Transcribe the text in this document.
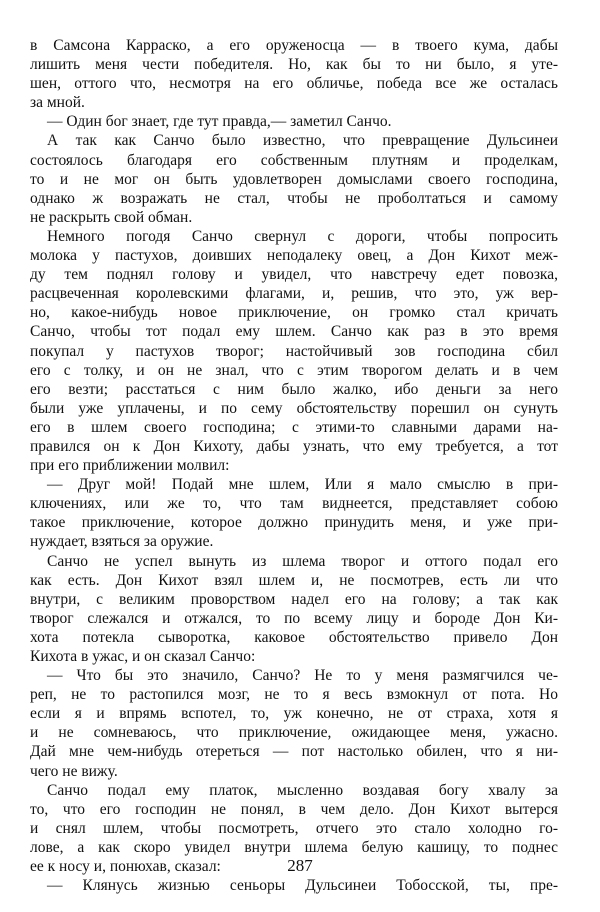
в Самсона Карраско, а его оруженосца — в твоего кума, дабы
лишить меня чести победителя. Но, как бы то ни было, я уте-
шен, оттого что, несмотря на его обличье, победа все же осталась
за мной.
— Один бог знает, где тут правда,— заметил Санчо.
А так как Санчо было известно, что превращение Дульсинеи
состоялось благодаря его собственным плутням и проделкам,
то и не мог он быть удовлетворен домыслами своего господина,
однако ж возражать не стал, чтобы не проболтаться и самому
не раскрыть свой обман.
Немного погодя Санчо свернул с дороги, чтобы попросить
молока у пастухов, доивших неподалеку овец, а Дон Кихот меж-
ду тем поднял голову и увидел, что навстречу едет повозка,
расцвеченная королевскими флагами, и, решив, что это, уж вер-
но, какое-нибудь новое приключение, он громко стал кричать
Санчо, чтобы тот подал ему шлем. Санчо как раз в это время
покупал у пастухов творог; настойчивый зов господина сбил
его с толку, и он не знал, что с этим творогом делать и в чем
его везти; расстаться с ним было жалко, ибо деньги за него
были уже уплачены, и по сему обстоятельству порешил он сунуть
его в шлем своего господина; с этими-то славными дарами на-
правился он к Дон Кихоту, дабы узнать, что ему требуется, а тот
при его приближении молвил:
— Друг мой! Подай мне шлем, Или я мало смыслю в при-
ключениях, или же то, что там виднеется, представляет собою
такое приключение, которое должно принудить меня, и уже при-
нуждает, взяться за оружие.
Санчо не успел вынуть из шлема творог и оттого подал его
как есть. Дон Кихот взял шлем и, не посмотрев, есть ли что
внутри, с великим проворством надел его на голову; а так как
творог слежался и отжался, то по всему лицу и бороде Дон Ки-
хота потекла сыворотка, каковое обстоятельство привело Дон
Кихота в ужас, и он сказал Санчо:
— Что бы это значило, Санчо? Не то у меня размягчился че-
реп, не то растопился мозг, не то я весь взмокнул от пота. Но
если я и впрямь вспотел, то, уж конечно, не от страха, хотя я
и не сомневаюсь, что приключение, ожидающее меня, ужасно.
Дай мне чем-нибудь отереться — пот настолько обилен, что я ни-
чего не вижу.
Санчо подал ему платок, мысленно воздавая богу хвалу за
то, что его господин не понял, в чем дело. Дон Кихот вытерся
и снял шлем, чтобы посмотреть, отчего это стало холодно го-
лове, а как скоро увидел внутри шлема белую кашицу, то поднес
ее к носу и, понюхав, сказал:
— Клянусь жизнью сеньоры Дульсинеи Тобосской, ты, пре-
287
